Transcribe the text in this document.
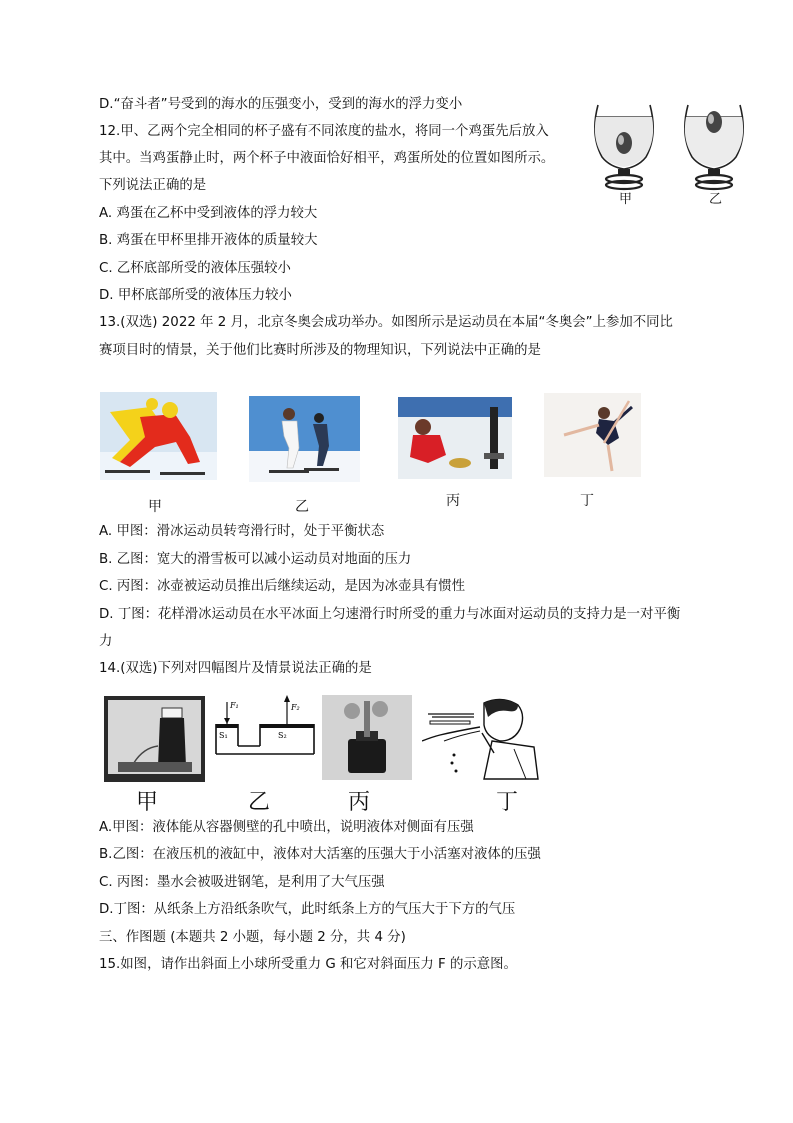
D.“奋斗者”号受到的海水的压强变小，受到的海水的浮力变小
12.甲、乙两个完全相同的杯子盛有不同浓度的盐水，将同一个鸡蛋先后放入
其中。当鸡蛋静止时，两个杯子中液面恰好相平，鸡蛋所处的位置如图所示。
下列说法正确的是
A. 鸡蛋在乙杯中受到液体的浮力较大
B. 鸡蛋在甲杯里排开液体的质量较大
C. 乙杯底部所受的液体压强较小
D. 甲杯底部所受的液体压力较小
甲	乙
13.(双选) 2022 年 2 月，北京冬奥会成功举办。如图所示是运动员在本届“冬奥会”上参加不同比
赛项目时的情景，关于他们比赛时所涉及的物理知识，下列说法中正确的是
甲	乙	丙	丁
A. 甲图：滑冰运动员转弯滑行时，处于平衡状态
B. 乙图：宽大的滑雪板可以减小运动员对地面的压力
C. 丙图：冰壶被运动员推出后继续运动，是因为冰壶具有惯性
D. 丁图：花样滑冰运动员在水平冰面上匀速滑行时所受的重力与冰面对运动员的支持力是一对平衡
力
14.(双选)下列对四幅图片及情景说法正确的是
F₁	F₂
S₁	S₂
甲	乙	丙	丁
A.甲图：液体能从容器侧壁的孔中喷出，说明液体对侧面有压强
B.乙图：在液压机的液缸中，液体对大活塞的压强大于小活塞对液体的压强
C. 丙图：墨水会被吸进钢笔，是利用了大气压强
D.丁图：从纸条上方沿纸条吹气，此时纸条上方的气压大于下方的气压
三、作图题 (本题共 2 小题，每小题 2 分，共 4 分)
15.如图，请作出斜面上小球所受重力 G 和它对斜面压力 F 的示意图。
